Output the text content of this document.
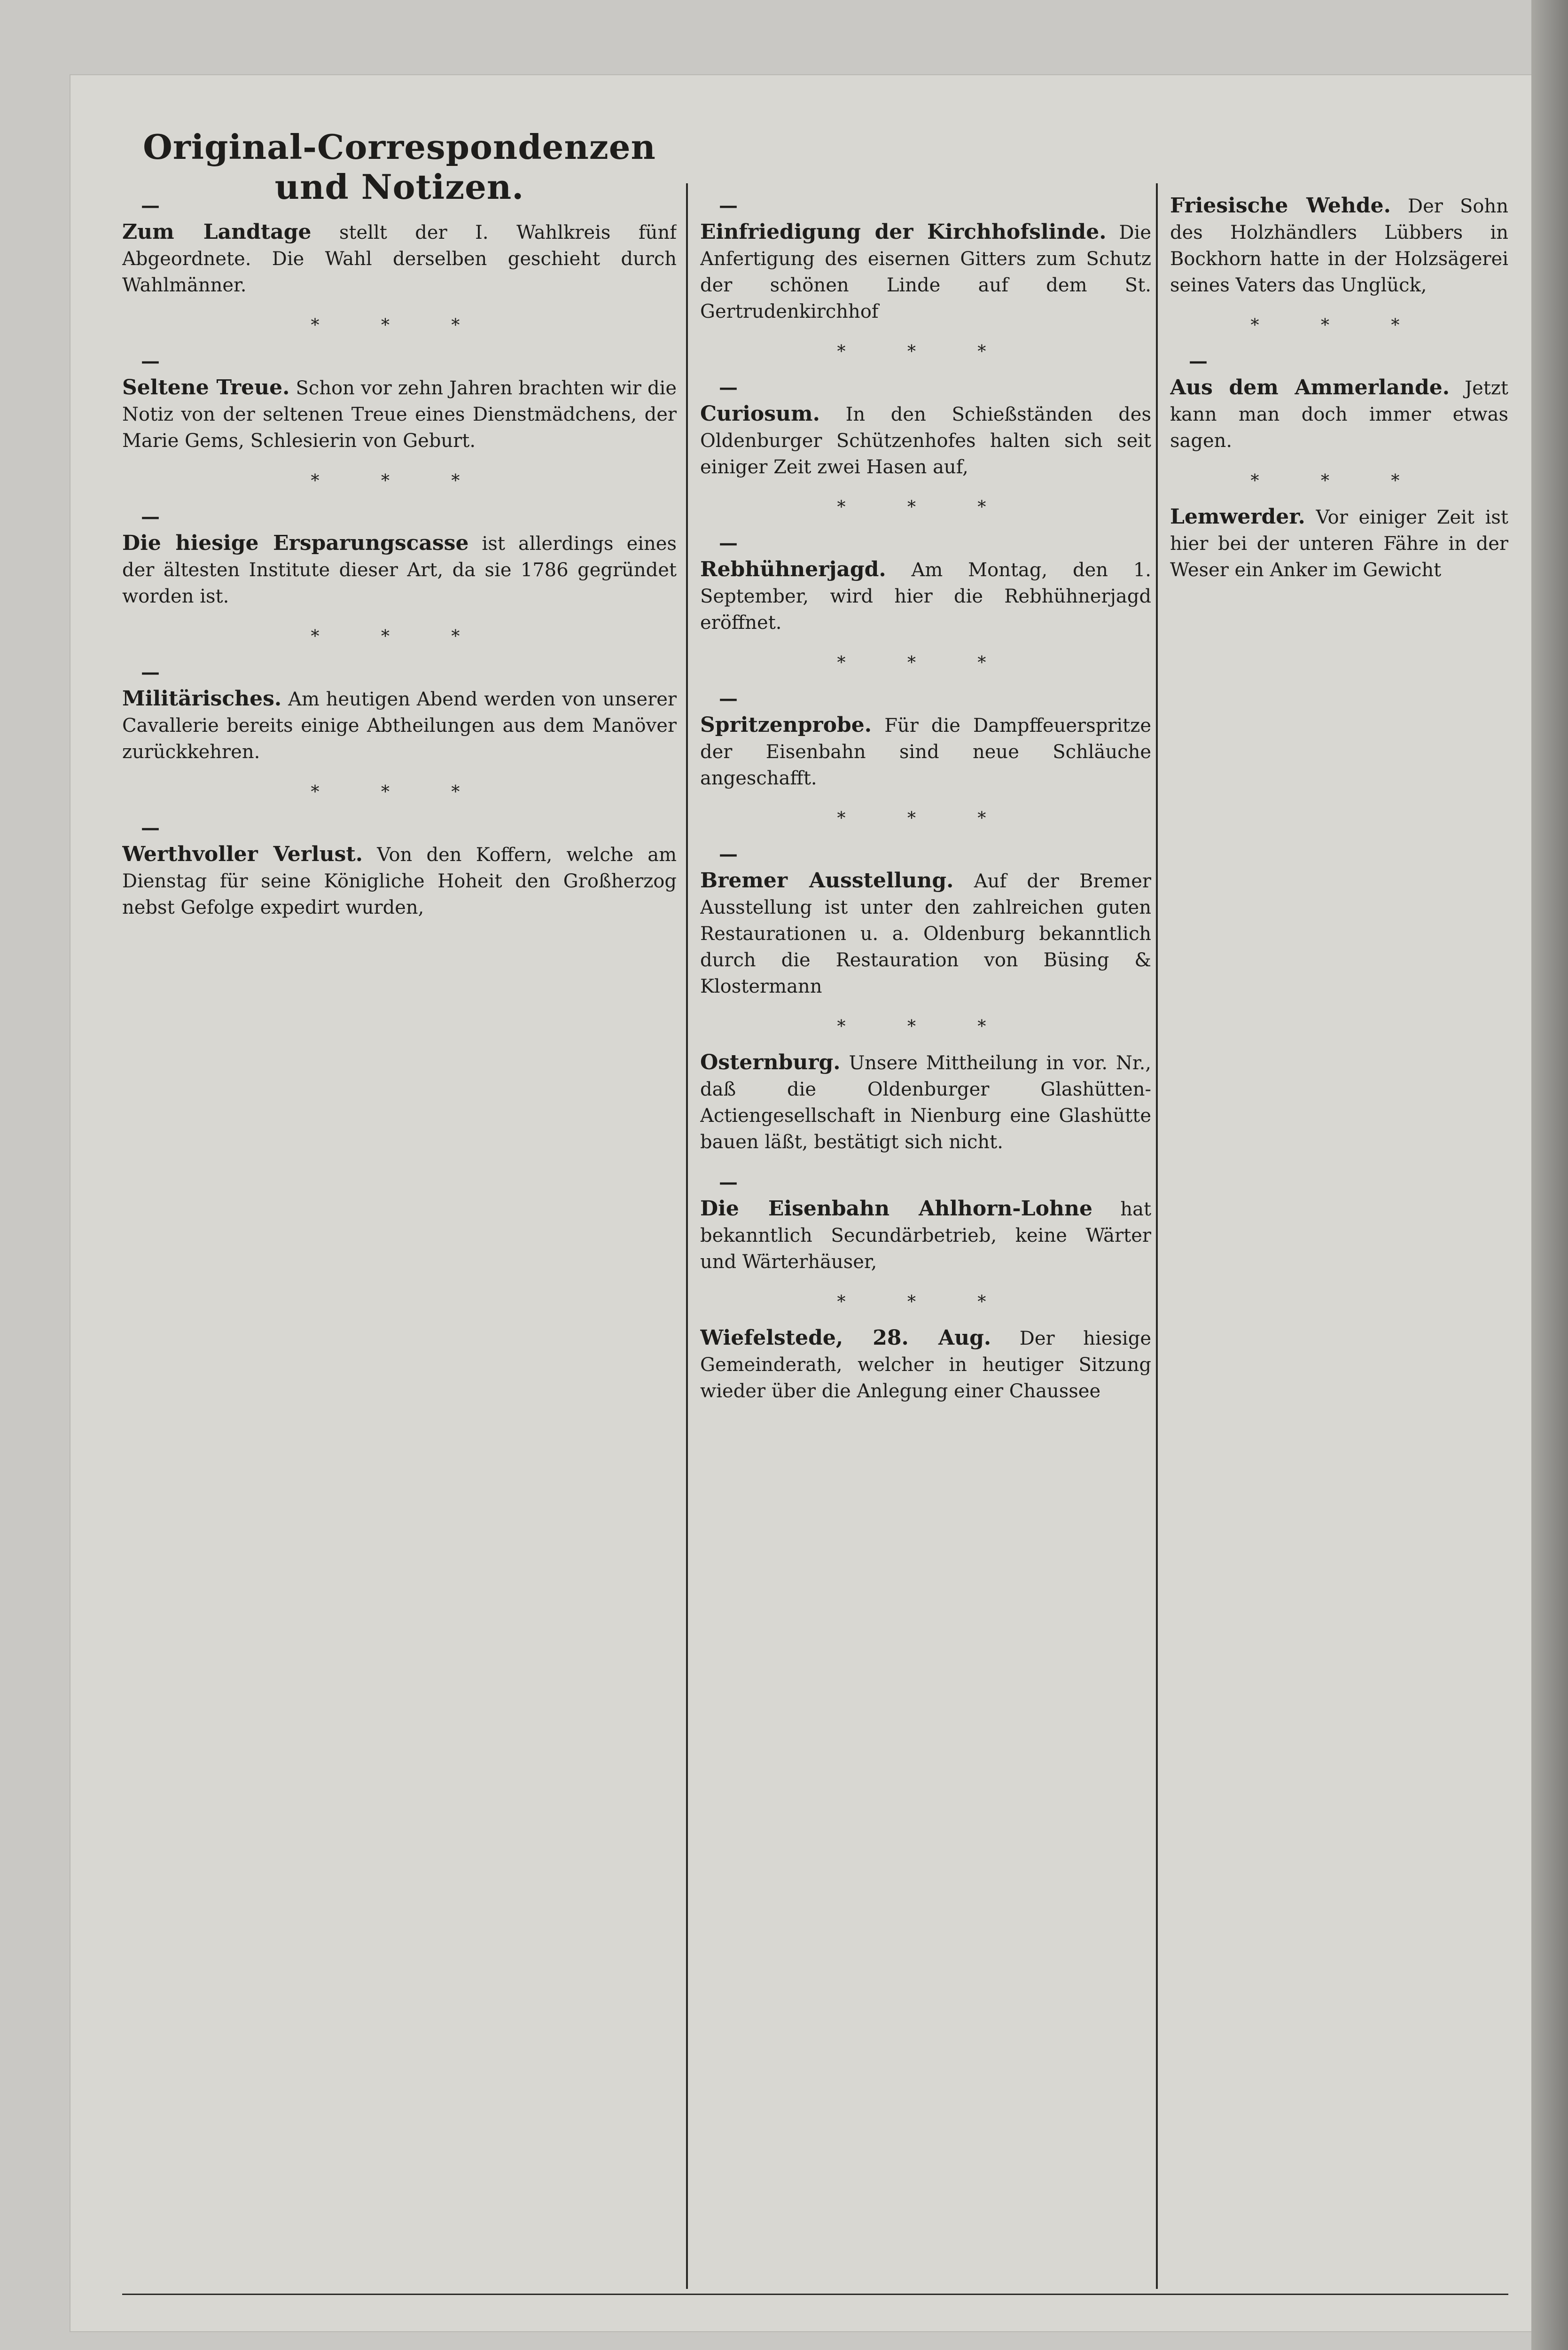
Original-Correspondenzen und Notizen.

—

Zum Landtage stellt der I. Wahlkreis fünf Abgeordnete. Die Wahl derselben geschieht durch Wahlmänner.

* * *

—

Seltene Treue. Schon vor zehn Jahren brachten wir die Notiz von der seltenen Treue eines Dienstmädchens, der Marie Gems, Schlesierin von Geburt.

* * *

—

Die hiesige Ersparungscasse ist allerdings eines der ältesten Institute dieser Art, da sie 1786 gegründet worden ist.

* * *

—

Militärisches. Am heutigen Abend werden von unserer Cavallerie bereits einige Abtheilungen aus dem Manöver zurückkehren.

* * *

—

Werthvoller Verlust. Von den Koffern, welche am Dienstag für seine Königliche Hoheit den Großherzog nebst Gefolge expedirt wurden,

—

Einfriedigung der Kirchhofslinde. Die Anfertigung des eisernen Gitters zum Schutz der schönen Linde auf dem St. Gertrudenkirchhof

* * *

—

Curiosum. In den Schießständen des Oldenburger Schützenhofes halten sich seit einiger Zeit zwei Hasen auf,

* * *

—

Rebhühnerjagd. Am Montag, den 1. September, wird hier die Rebhühnerjagd eröffnet.

* * *

—

Spritzenprobe. Für die Dampffeuerspritze der Eisenbahn sind neue Schläuche angeschafft.

* * *

—

Bremer Ausstellung. Auf der Bremer Ausstellung ist unter den zahlreichen guten Restaurationen u. a. Oldenburg bekanntlich durch die Restauration von Büsing & Klostermann

* * *

Osternburg. Unsere Mittheilung in vor. Nr., daß die Oldenburger Glashütten-Actiengesellschaft in Nienburg eine Glashütte bauen läßt, bestätigt sich nicht.

—

Die Eisenbahn Ahlhorn-Lohne hat bekanntlich Secundärbetrieb, keine Wärter und Wärterhäuser,

* * *

Wiefelstede, 28. Aug. Der hiesige Gemeinderath, welcher in heutiger Sitzung wieder über die Anlegung einer Chaussee

Friesische Wehde. Der Sohn des Holzhändlers Lübbers in Bockhorn hatte in der Holzsägerei seines Vaters das Unglück,

* * *

—

Aus dem Ammerlande. Jetzt kann man doch immer etwas sagen.

* * *

Lemwerder. Vor einiger Zeit ist hier bei der unteren Fähre in der Weser ein Anker im Gewicht
